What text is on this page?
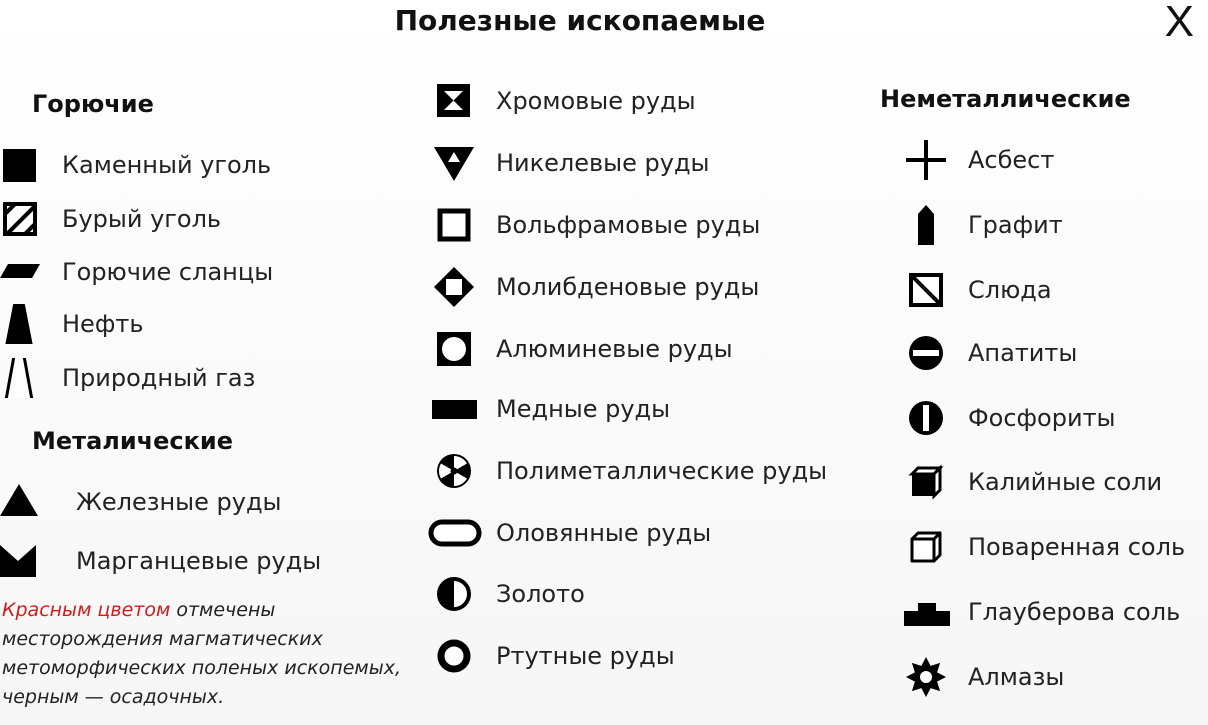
Полезные ископаемые	X
Горючие
Каменный уголь
Бурый уголь
Горючие сланцы
Нефть
Природный газ
Металические
Железные руды
Марганцевые руды
Красным цветом отмечены месторождения магматических метоморфических поленых ископемых, черным — осадочных.
Хромовые руды
Никелевые руды
Вольфрамовые руды
Молибденовые руды
Алюминевые руды
Медные руды
Полиметаллические руды
Оловянные руды
Золото
Ртутные руды
Неметаллические
Асбест
Графит
Слюда
Апатиты
Фосфориты
Калийные соли
Поваренная соль
Глауберова соль
Алмазы
